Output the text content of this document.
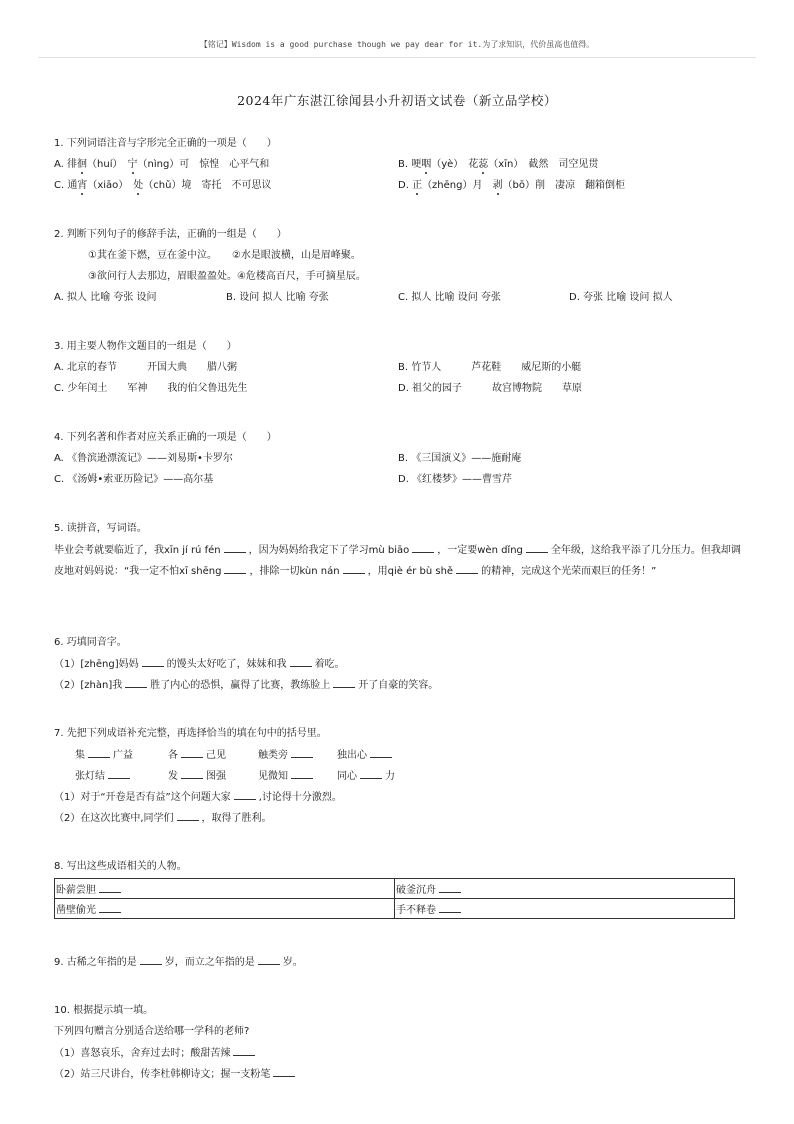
【铭记】Wisdom is a good purchase though we pay dear for it.为了求知识，代价虽高也值得。
2024年广东湛江徐闻县小升初语文试卷（新立品学校）
1. 下列词语注音与字形完全正确的一项是（　　）
A. 徘徊（huí）　宁（nìng）可　惊惶　心平气和	B. 哽咽（yè）　花蕊（xīn）　截然　司空见贯
C. 通宵（xiāo）　处（chǔ）境　寄托　不可思议	D. 正（zhēng）月　剥（bō）削　凄凉　翻箱倒柜
2. 判断下列句子的修辞手法，正确的一组是（　　）
①萁在釜下燃，豆在釜中泣。　　②水是眼波横，山是眉峰聚。
③欲问行人去那边，眉眼盈盈处。④危楼高百尺，手可摘星辰。
A. 拟人 比喻 夸张 设问	B. 设问 拟人 比喻 夸张	C. 拟人 比喻 设问 夸张	D. 夸张 比喻 设问 拟人
3. 用主要人物作文题目的一组是（　　）
A. 北京的春节　　　开国大典　　腊八粥	B. 竹节人　　　芦花鞋　　威尼斯的小艇
C. 少年闰土　　军神　　我的伯父鲁迅先生	D. 祖父的园子　　　故宫博物院　　草原
4. 下列名著和作者对应关系正确的一项是（　　）
A. 《鲁滨逊漂流记》——刘易斯•卡罗尔	B. 《三国演义》——施耐庵
C. 《汤姆•索亚历险记》——高尔基	D. 《红楼梦》——曹雪芹
5. 读拼音，写词语。
毕业会考就要临近了，我xīn jí rú fén	，因为妈妈给我定下了学习mù biāo	，一定要wèn dǐng	全年级，这给我平添了几分压力。但我却调皮地对妈妈说：“我一定不怕xī shēng	，排除一切kùn nán	，用qiè ér bù shě	的精神，完成这个光荣而艰巨的任务！”
6. 巧填同音字。
（1）[zhēng]妈妈	的馒头太好吃了，妹妹和我	着吃。
（2）[zhàn]我	胜了内心的恐惧，赢得了比赛，教练脸上	开了自豪的笑容。
7. 先把下列成语补充完整，再选择恰当的填在句中的括号里。
集	广益	各	己见	触类旁	独出心
张灯结	发	图强	见微知	同心	力
（1）对于“开卷是否有益”这个问题大家	,讨论得十分激烈。
（2）在这次比赛中,同学们	，取得了胜利。
8. 写出这些成语相关的人物。
卧薪尝胆	破釜沉舟
凿壁偷光	手不释卷
9. 古稀之年指的是	岁，而立之年指的是	岁。
10. 根据提示填一填。
下列四句赠言分别适合送给哪一学科的老师?
（1）喜怒哀乐，舍弃过去时；酸甜苦辣
（2）站三尺讲台，传李杜韩柳诗文；握一支粉笔
